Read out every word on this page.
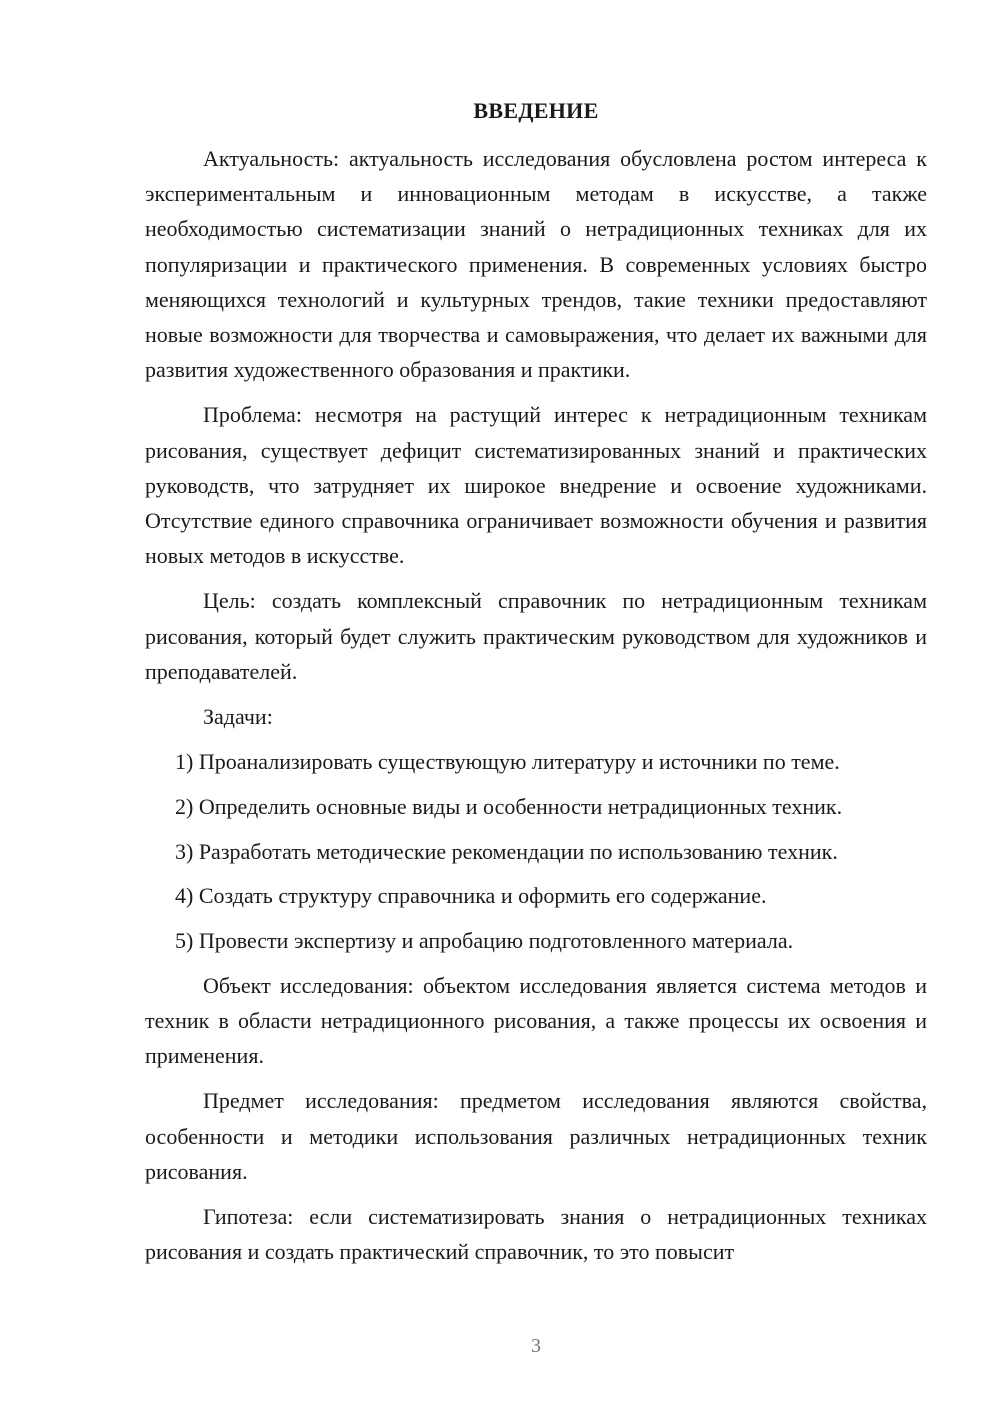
ВВЕДЕНИЕ

Актуальность: актуальность исследования обусловлена ростом интереса к экспериментальным и инновационным методам в искусстве, а также необходимостью систематизации знаний о нетрадиционных техниках для их популяризации и практического применения. В современных условиях быстро меняющихся технологий и культурных трендов, такие техники предоставляют новые возможности для творчества и самовыражения, что делает их важными для развития художественного образования и практики.

Проблема: несмотря на растущий интерес к нетрадиционным техникам рисования, существует дефицит систематизированных знаний и практических руководств, что затрудняет их широкое внедрение и освоение художниками. Отсутствие единого справочника ограничивает возможности обучения и развития новых методов в искусстве.

Цель: создать комплексный справочник по нетрадиционным техникам рисования, который будет служить практическим руководством для художников и преподавателей.

Задачи:

1) Проанализировать существующую литературу и источники по теме.
2) Определить основные виды и особенности нетрадиционных техник.
3) Разработать методические рекомендации по использованию техник.
4) Создать структуру справочника и оформить его содержание.
5) Провести экспертизу и апробацию подготовленного материала.

Объект исследования: объектом исследования является система методов и техник в области нетрадиционного рисования, а также процессы их освоения и применения.

Предмет исследования: предметом исследования являются свойства, особенности и методики использования различных нетрадиционных техник рисования.

Гипотеза: если систематизировать знания о нетрадиционных техниках рисования и создать практический справочник, то это повысит

3
